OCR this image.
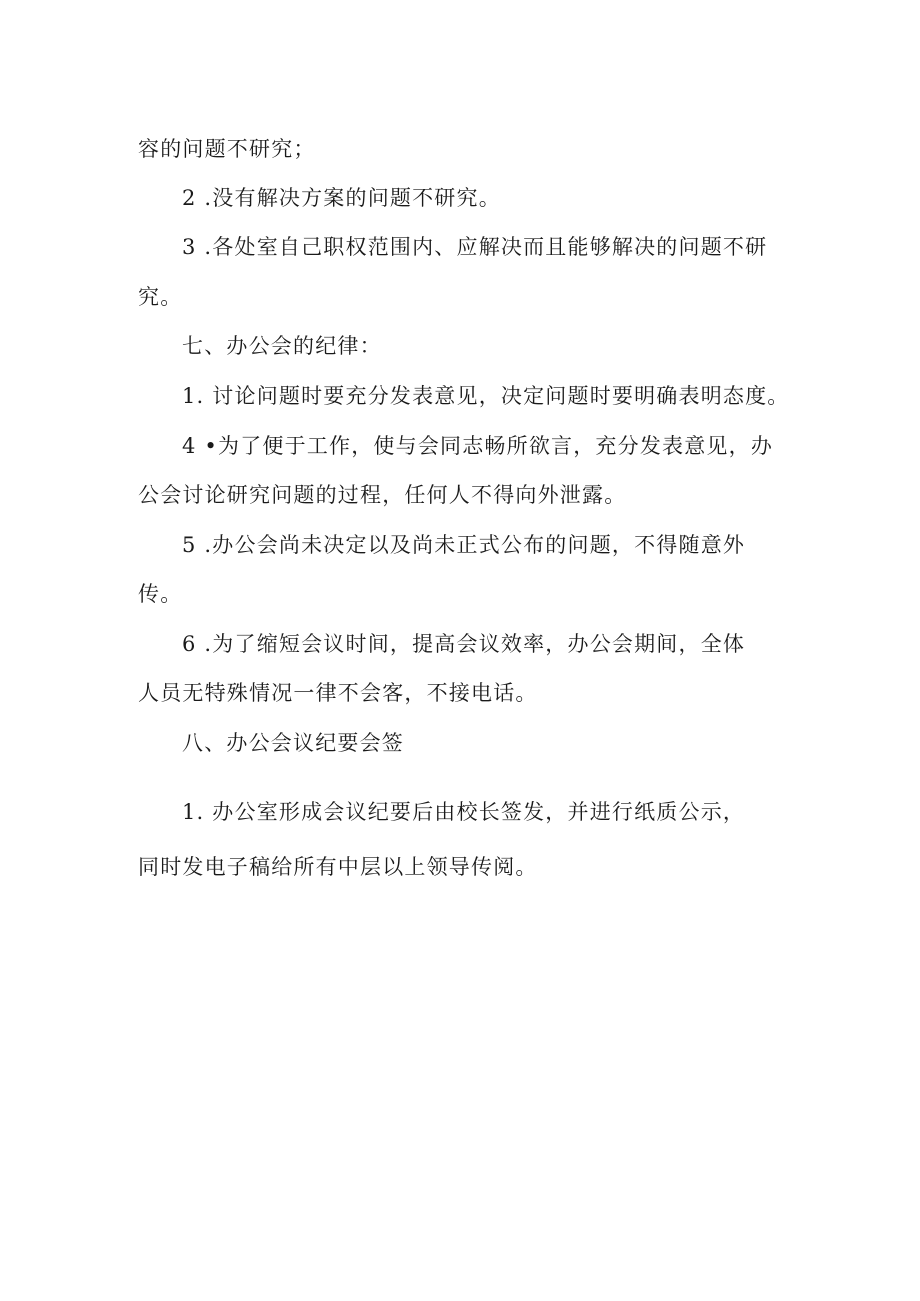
容的问题不研究；
2 .没有解决方案的问题不研究。
3 .各处室自己职权范围内、应解决而且能够解决的问题不研
究。
七、办公会的纪律：
1. 讨论问题时要充分发表意见，决定问题时要明确表明态度。
4 •为了便于工作，使与会同志畅所欲言，充分发表意见，办
公会讨论研究问题的过程，任何人不得向外泄露。
5 .办公会尚未决定以及尚未正式公布的问题，不得随意外
传。
6 .为了缩短会议时间，提高会议效率，办公会期间，全体
人员无特殊情况一律不会客，不接电话。
八、办公会议纪要会签
1. 办公室形成会议纪要后由校长签发，并进行纸质公示，
同时发电子稿给所有中层以上领导传阅。
